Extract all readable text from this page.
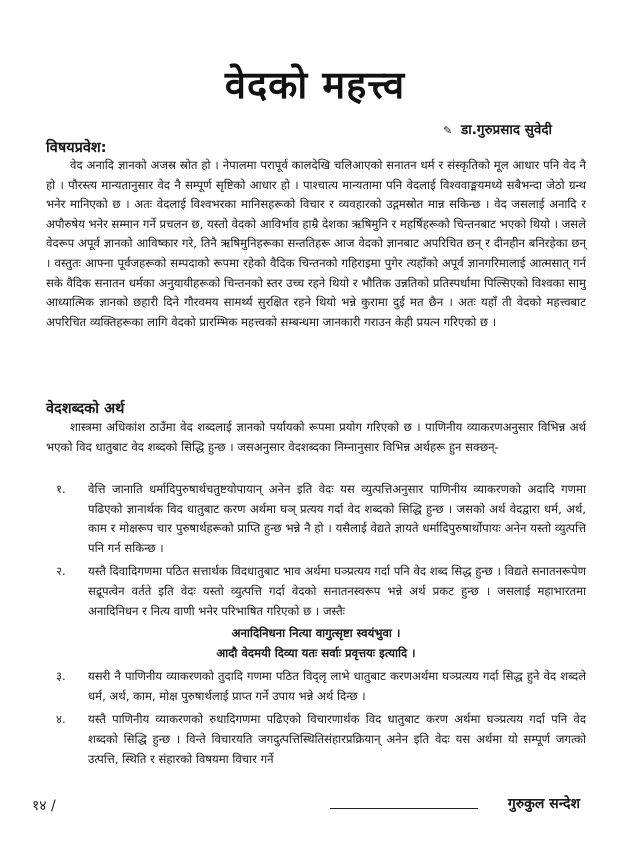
वेदको महत्त्व
✎ डा.गुरुप्रसाद सुवेदी
विषयप्रवेश:
वेद अनादि ज्ञानको अजस्र स्रोत हो । नेपालमा परापूर्व कालदेखि चलिआएको सनातन धर्म र संस्कृतिको मूल आधार पनि वेद नै हो । पौरस्त्य मान्यतानुसार वेद नै सम्पूर्ण सृष्टिको आधार हो । पाश्चात्य मान्यतामा पनि वेदलाई विश्ववाङ्मयमध्ये सबैभन्दा जेठो ग्रन्थ भनेर मानिएको छ । अतः वेदलाई विश्वभरका मानिसहरूको विचार र व्यवहारको उद्गमस्रोत मान्न सकिन्छ । वेद जसलाई अनादि र अपौरुषेय भनेर सम्मान गर्ने प्रचलन छ, यस्तो वेदको आविर्भाव हाम्रै देशका ऋषिमुनि र महर्षिहरूको चिन्तनबाट भएको थियो । जसले वेदरूप अपूर्व ज्ञानको आविष्कार गरे, तिनै ऋषिमुनिहरूका सन्ततिहरू आज वेदको ज्ञानबाट अपरिचित छन् र दीनहीन बनिरहेका छन् । वस्तुतः आफ्ना पूर्वजहरूको सम्पदाको रूपमा रहेको वैदिक चिन्तनको गहिराइमा पुगेर त्यहाँको अपूर्व ज्ञानगरिमालाई आत्मसात् गर्न सके वैदिक सनातन धर्मका अनुयायीहरूको चिन्तनको स्तर उच्च रहने थियो र भौतिक उन्नतिको प्रतिस्पर्धामा पिल्सिएको विश्वका सामु आध्यात्मिक ज्ञानको छहारी दिने गौरवमय सामर्थ्य सुरक्षित रहने थियो भन्ने कुरामा दुई मत छैन । अतः यहाँ ती वेदको महत्त्वबाट अपरिचित व्यक्तिहरूका लागि वेदको प्रारम्भिक महत्त्वको सम्बन्धमा जानकारी गराउन केही प्रयत्न गरिएको छ ।
वेदशब्दको अर्थ
शास्त्रमा अधिकांश ठाउँमा वेद शब्दलाई ज्ञानको पर्यायको रूपमा प्रयोग गरिएको छ । पाणिनीय व्याकरणअनुसार विभिन्न अर्थ भएको विद धातुबाट वेद शब्दको सिद्धि हुन्छ । जसअनुसार वेदशब्दका निम्नानुसार विभिन्न अर्थहरू हुन सक्छन्-
१. वेत्ति जानाति धर्मादिपुरुषार्थचतुष्टयोपायान् अनेन इति वेदः यस व्युत्पत्तिअनुसार पाणिनीय व्याकरणको अदादि गणमा पढिएको ज्ञानार्थक विद धातुबाट करण अर्थमा घञ् प्रत्यय गर्दा वेद शब्दको सिद्धि हुन्छ । जसको अर्थ वेदद्वारा धर्म, अर्थ, काम र मोक्षरूप चार पुरुषार्थहरूको प्राप्ति हुन्छ भन्ने नै हो । यसैलाई वेद्यते ज्ञायते धर्मादिपुरुषार्थोपायः अनेन यस्तो व्युत्पत्ति पनि गर्न सकिन्छ ।
२. यस्तै दिवादिगणमा पठित सत्तार्थक विदधातुबाट भाव अर्थमा घञ्प्रत्यय गर्दा पनि वेद शब्द सिद्ध हुन्छ । विद्यते सनातनरूपेण सद्रूपत्वेन वर्तते इति वेदः यस्तो व्युत्पत्ति गर्दा वेदको सनातनस्वरूप भन्ने अर्थ प्रकट हुन्छ । जसलाई महाभारतमा अनादिनिधन र नित्य वाणी भनेर परिभाषित गरिएको छ । जस्तैः
अनादिनिधना नित्या वागुत्सृष्टा स्वयंभुवा ।
आदौ वेदमयी दिव्या यतः सर्वाः प्रवृत्तयः इत्यादि ।
३. यसरी नै पाणिनीय व्याकरणको तुदादि गणमा पठित विद्लृ लाभे धातुबाट करणअर्थमा घञ्प्रत्यय गर्दा सिद्ध हुने वेद शब्दले धर्म, अर्थ, काम, मोक्ष पुरुषार्थलाई प्राप्त गर्ने उपाय भन्ने अर्थ दिन्छ ।
४. यस्तै पाणिनीय व्याकरणको रुधादिगणमा पढिएको विचारणार्थक विद धातुबाट करण अर्थमा घञ्प्रत्यय गर्दा पनि वेद शब्दको सिद्धि हुन्छ । विन्ते विचारयति जगदुत्पत्तिस्थितिसंहारप्रक्रियान् अनेन इति वेदः यस अर्थमा यो सम्पूर्ण जगत्को उत्पत्ति, स्थिति र संहारको विषयमा विचार गर्ने
१४ /	गुरुकुल सन्देश
